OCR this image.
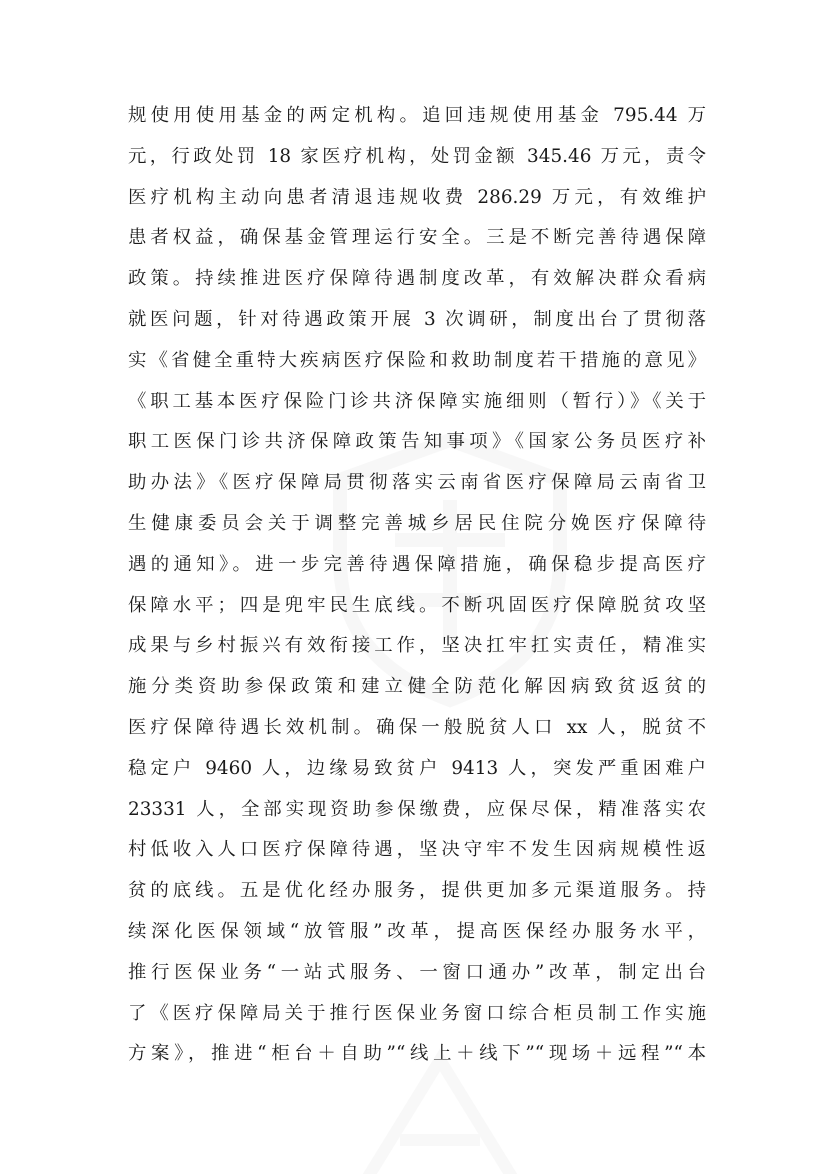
规使用使用基金的两定机构。追回违规使用基金 795.44 万
元，行政处罚 18 家医疗机构，处罚金额 345.46 万元，责令
医疗机构主动向患者清退违规收费 286.29 万元，有效维护
患者权益，确保基金管理运行安全。三是不断完善待遇保障
政策。持续推进医疗保障待遇制度改革，有效解决群众看病
就医问题，针对待遇政策开展 3 次调研，制度出台了贯彻落
实《省健全重特大疾病医疗保险和救助制度若干措施的意见》
《职工基本医疗保险门诊共济保障实施细则（暂行）》《关于
职工医保门诊共济保障政策告知事项》《国家公务员医疗补
助办法》《医疗保障局贯彻落实云南省医疗保障局云南省卫
生健康委员会关于调整完善城乡居民住院分娩医疗保障待
遇的通知》。进一步完善待遇保障措施，确保稳步提高医疗
保障水平；四是兜牢民生底线。不断巩固医疗保障脱贫攻坚
成果与乡村振兴有效衔接工作，坚决扛牢扛实责任，精准实
施分类资助参保政策和建立健全防范化解因病致贫返贫的
医疗保障待遇长效机制。确保一般脱贫人口 xx 人，脱贫不
稳定户 9460 人，边缘易致贫户 9413 人，突发严重困难户
23331 人，全部实现资助参保缴费，应保尽保，精准落实农
村低收入人口医疗保障待遇，坚决守牢不发生因病规模性返
贫的底线。五是优化经办服务，提供更加多元渠道服务。持
续深化医保领域“放管服”改革，提高医保经办服务水平，
推行医保业务“一站式服务、一窗口通办”改革，制定出台
了《医疗保障局关于推行医保业务窗口综合柜员制工作实施
方案》，推进“柜台＋自助”“线上＋线下”“现场＋远程”“本
